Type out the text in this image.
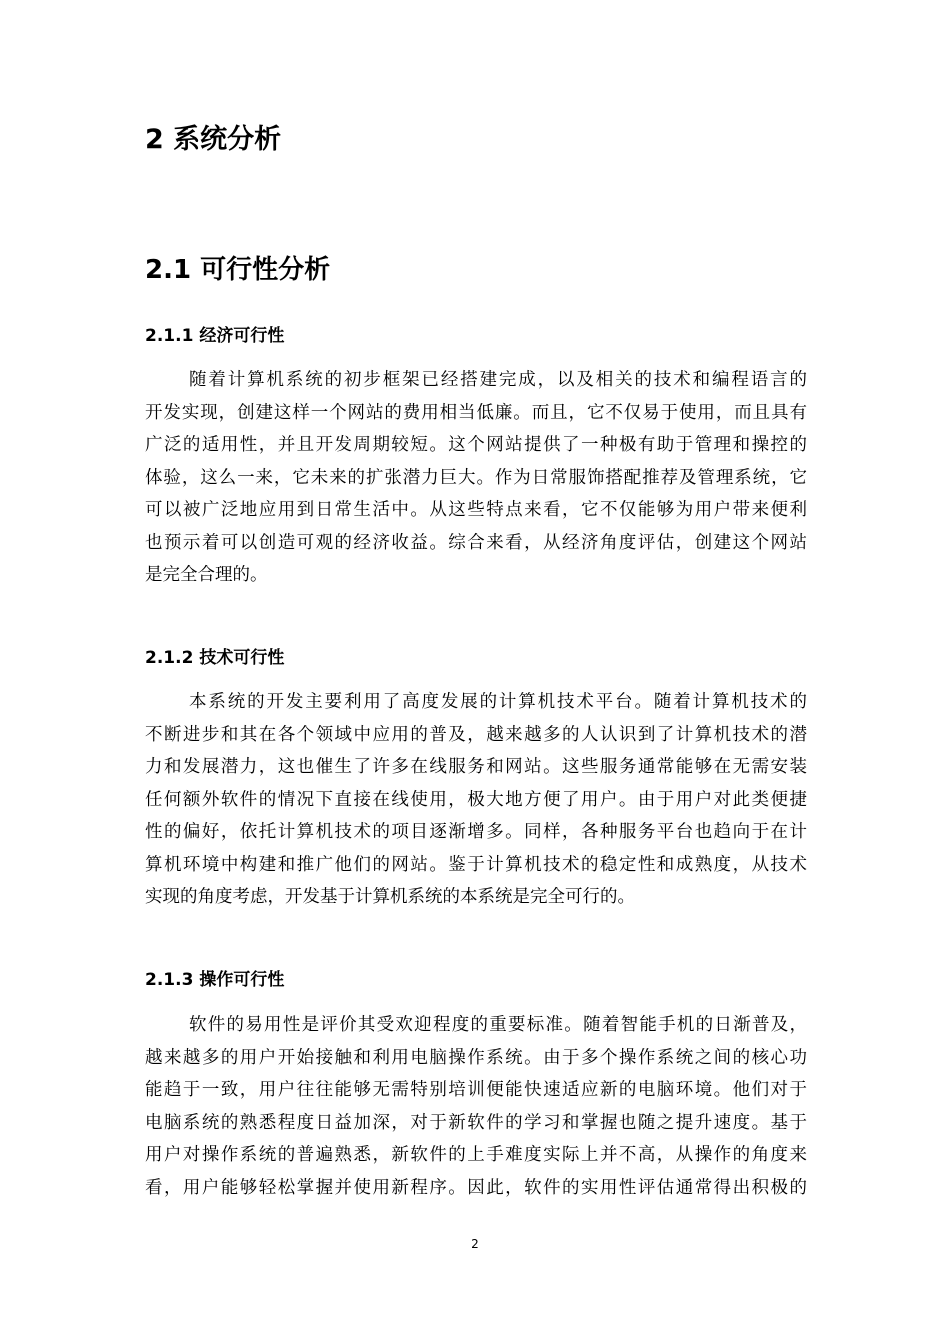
2 系统分析
2.1 可行性分析
2.1.1 经济可行性
随着计算机系统的初步框架已经搭建完成，以及相关的技术和编程语言的
开发实现，创建这样一个网站的费用相当低廉。而且，它不仅易于使用，而且具有
广泛的适用性，并且开发周期较短。这个网站提供了一种极有助于管理和操控的
体验，这么一来，它未来的扩张潜力巨大。作为日常服饰搭配推荐及管理系统，它
可以被广泛地应用到日常生活中。从这些特点来看，它不仅能够为用户带来便利
也预示着可以创造可观的经济收益。综合来看，从经济角度评估，创建这个网站
是完全合理的。
2.1.2 技术可行性
本系统的开发主要利用了高度发展的计算机技术平台。随着计算机技术的
不断进步和其在各个领域中应用的普及，越来越多的人认识到了计算机技术的潜
力和发展潜力，这也催生了许多在线服务和网站。这些服务通常能够在无需安装
任何额外软件的情况下直接在线使用，极大地方便了用户。由于用户对此类便捷
性的偏好，依托计算机技术的项目逐渐增多。同样，各种服务平台也趋向于在计
算机环境中构建和推广他们的网站。鉴于计算机技术的稳定性和成熟度，从技术
实现的角度考虑，开发基于计算机系统的本系统是完全可行的。
2.1.3 操作可行性
软件的易用性是评价其受欢迎程度的重要标准。随着智能手机的日渐普及，
越来越多的用户开始接触和利用电脑操作系统。由于多个操作系统之间的核心功
能趋于一致，用户往往能够无需特别培训便能快速适应新的电脑环境。他们对于
电脑系统的熟悉程度日益加深，对于新软件的学习和掌握也随之提升速度。基于
用户对操作系统的普遍熟悉，新软件的上手难度实际上并不高，从操作的角度来
看，用户能够轻松掌握并使用新程序。因此，软件的实用性评估通常得出积极的
2
